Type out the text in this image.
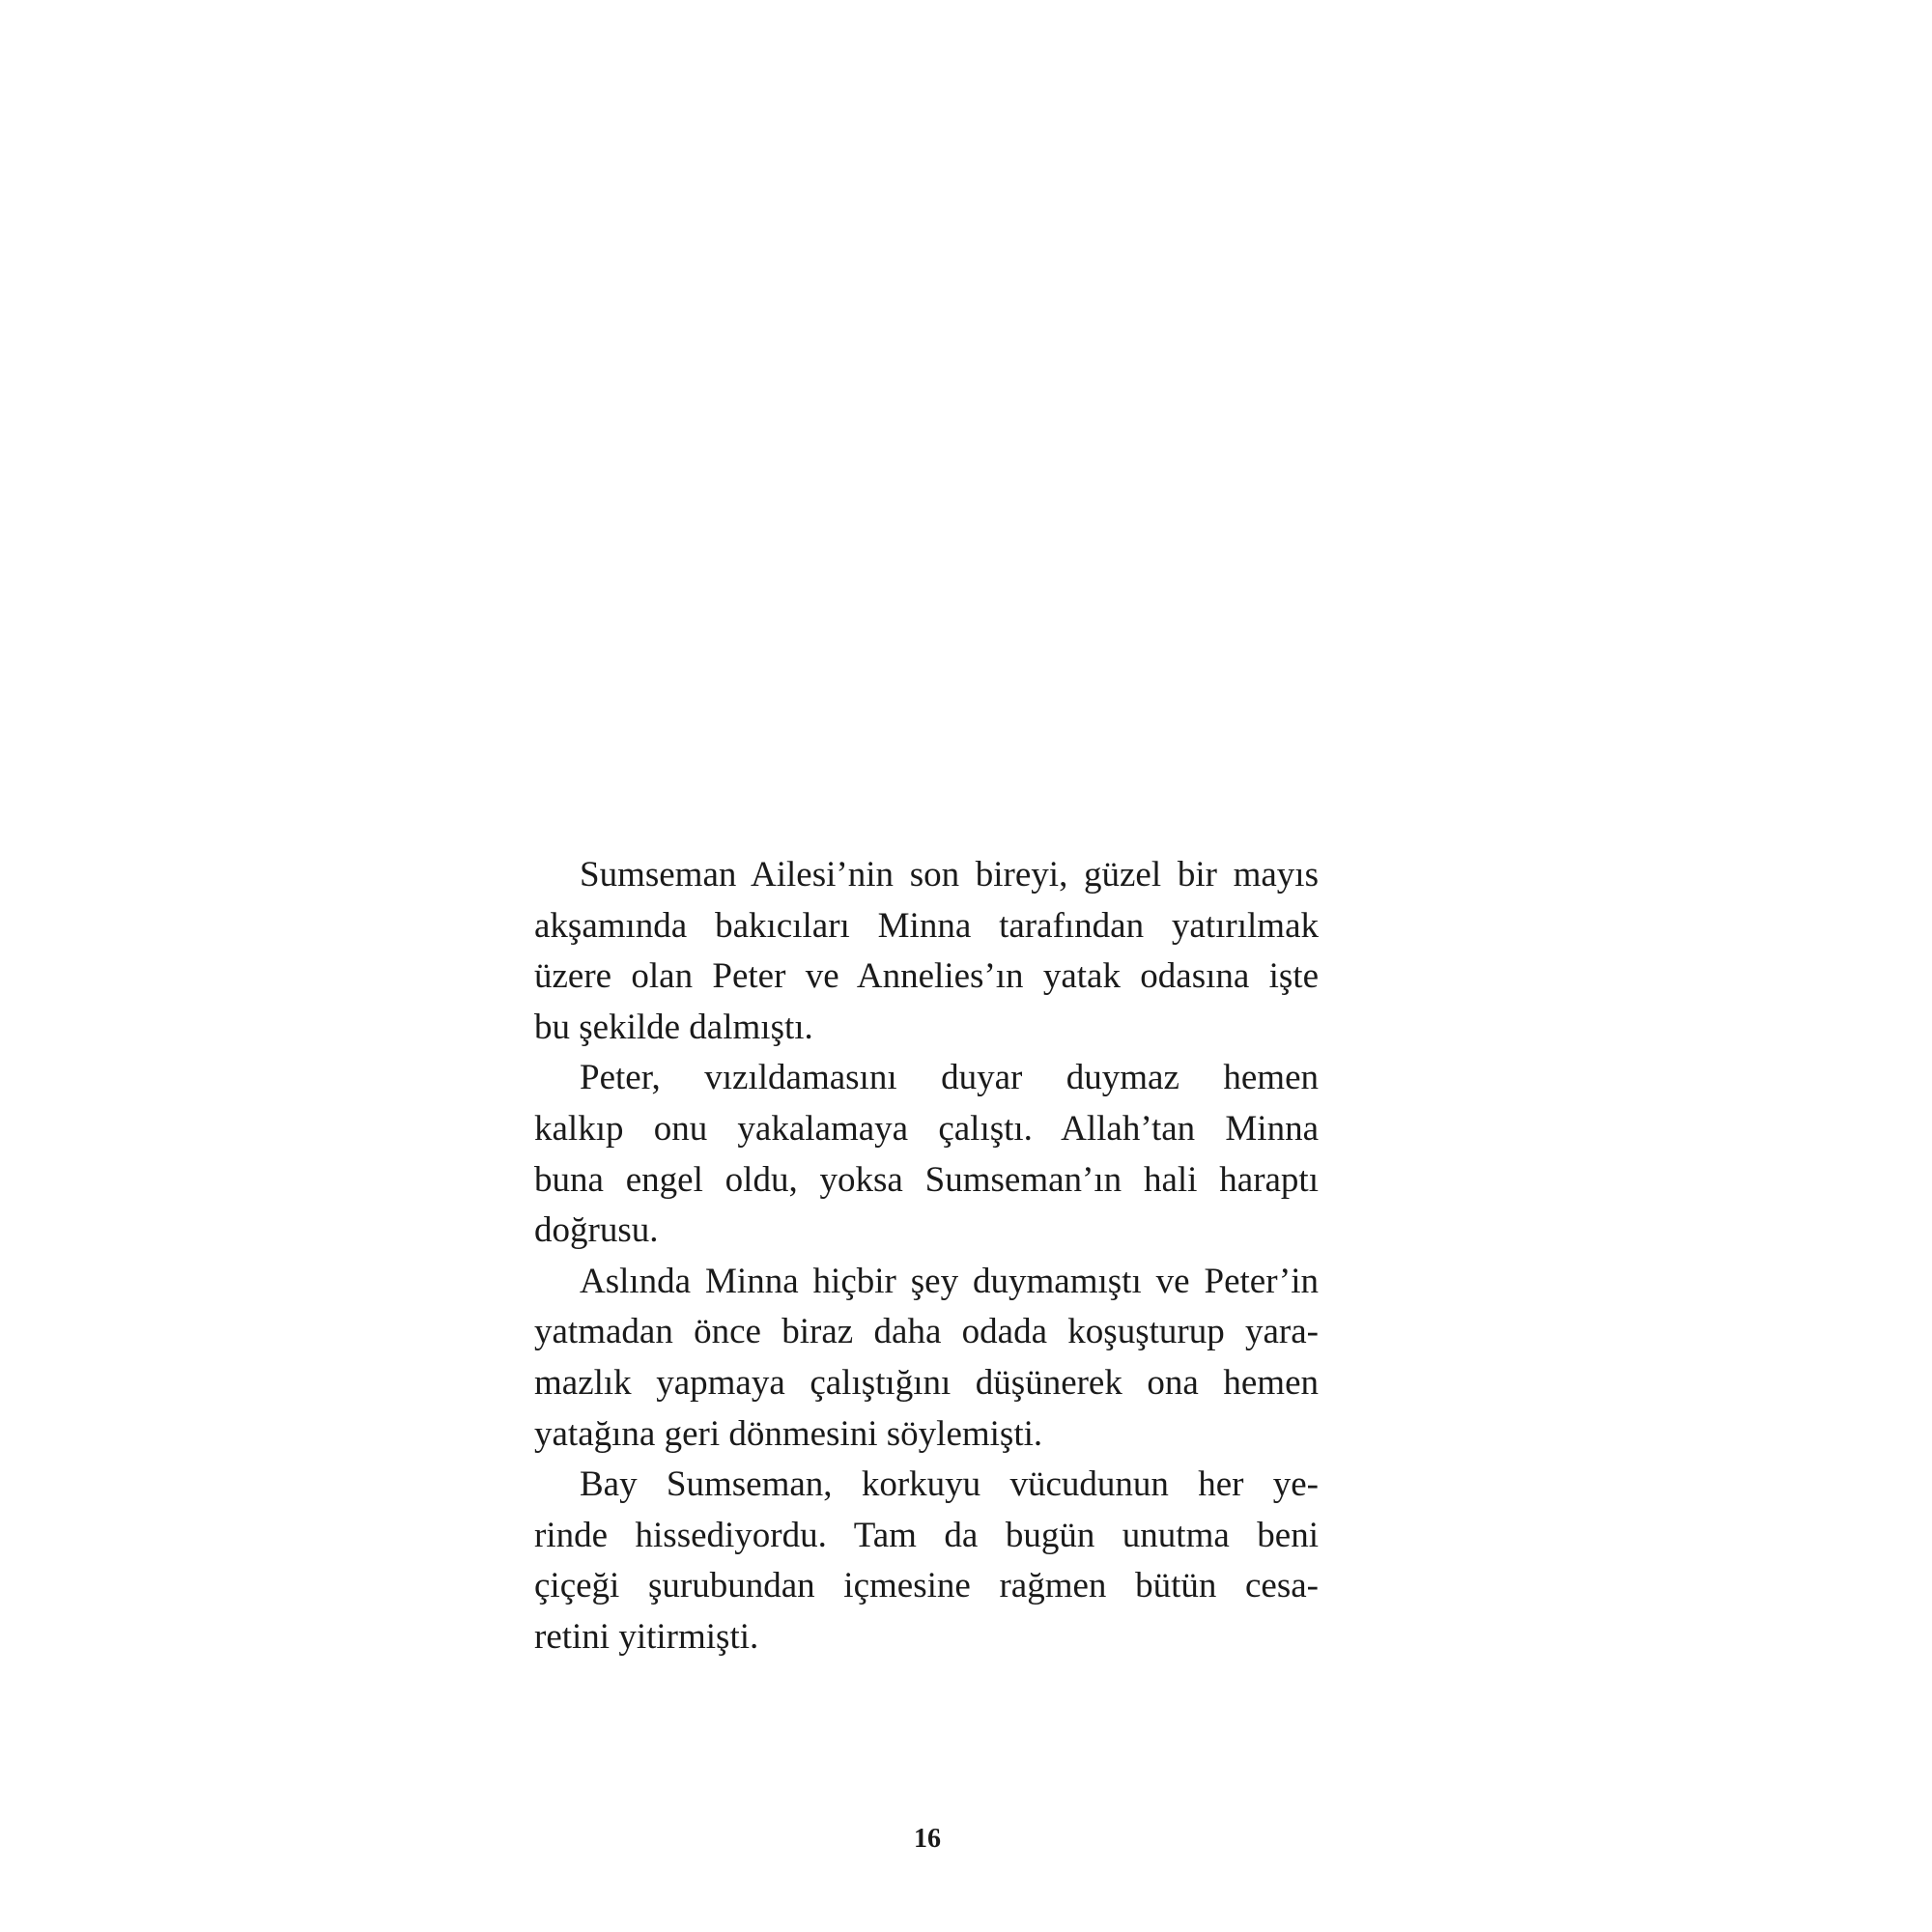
Sumseman Ailesi’nin son bireyi, güzel bir mayıs
akşamında bakıcıları Minna tarafından yatırılmak
üzere olan Peter ve Annelies’ın yatak odasına işte
bu şekilde dalmıştı.

Peter, vızıldamasını duyar duymaz hemen
kalkıp onu yakalamaya çalıştı. Allah’tan Minna
buna engel oldu, yoksa Sumseman’ın hali haraptı
doğrusu.

Aslında Minna hiçbir şey duymamıştı ve Peter’in
yatmadan önce biraz daha odada koşuşturup yara-
mazlık yapmaya çalıştığını düşünerek ona hemen
yatağına geri dönmesini söylemişti.

Bay Sumseman, korkuyu vücudunun her ye-
rinde hissediyordu. Tam da bugün unutma beni
çiçeği şurubundan içmesine rağmen bütün cesa-
retini yitirmişti.

16
